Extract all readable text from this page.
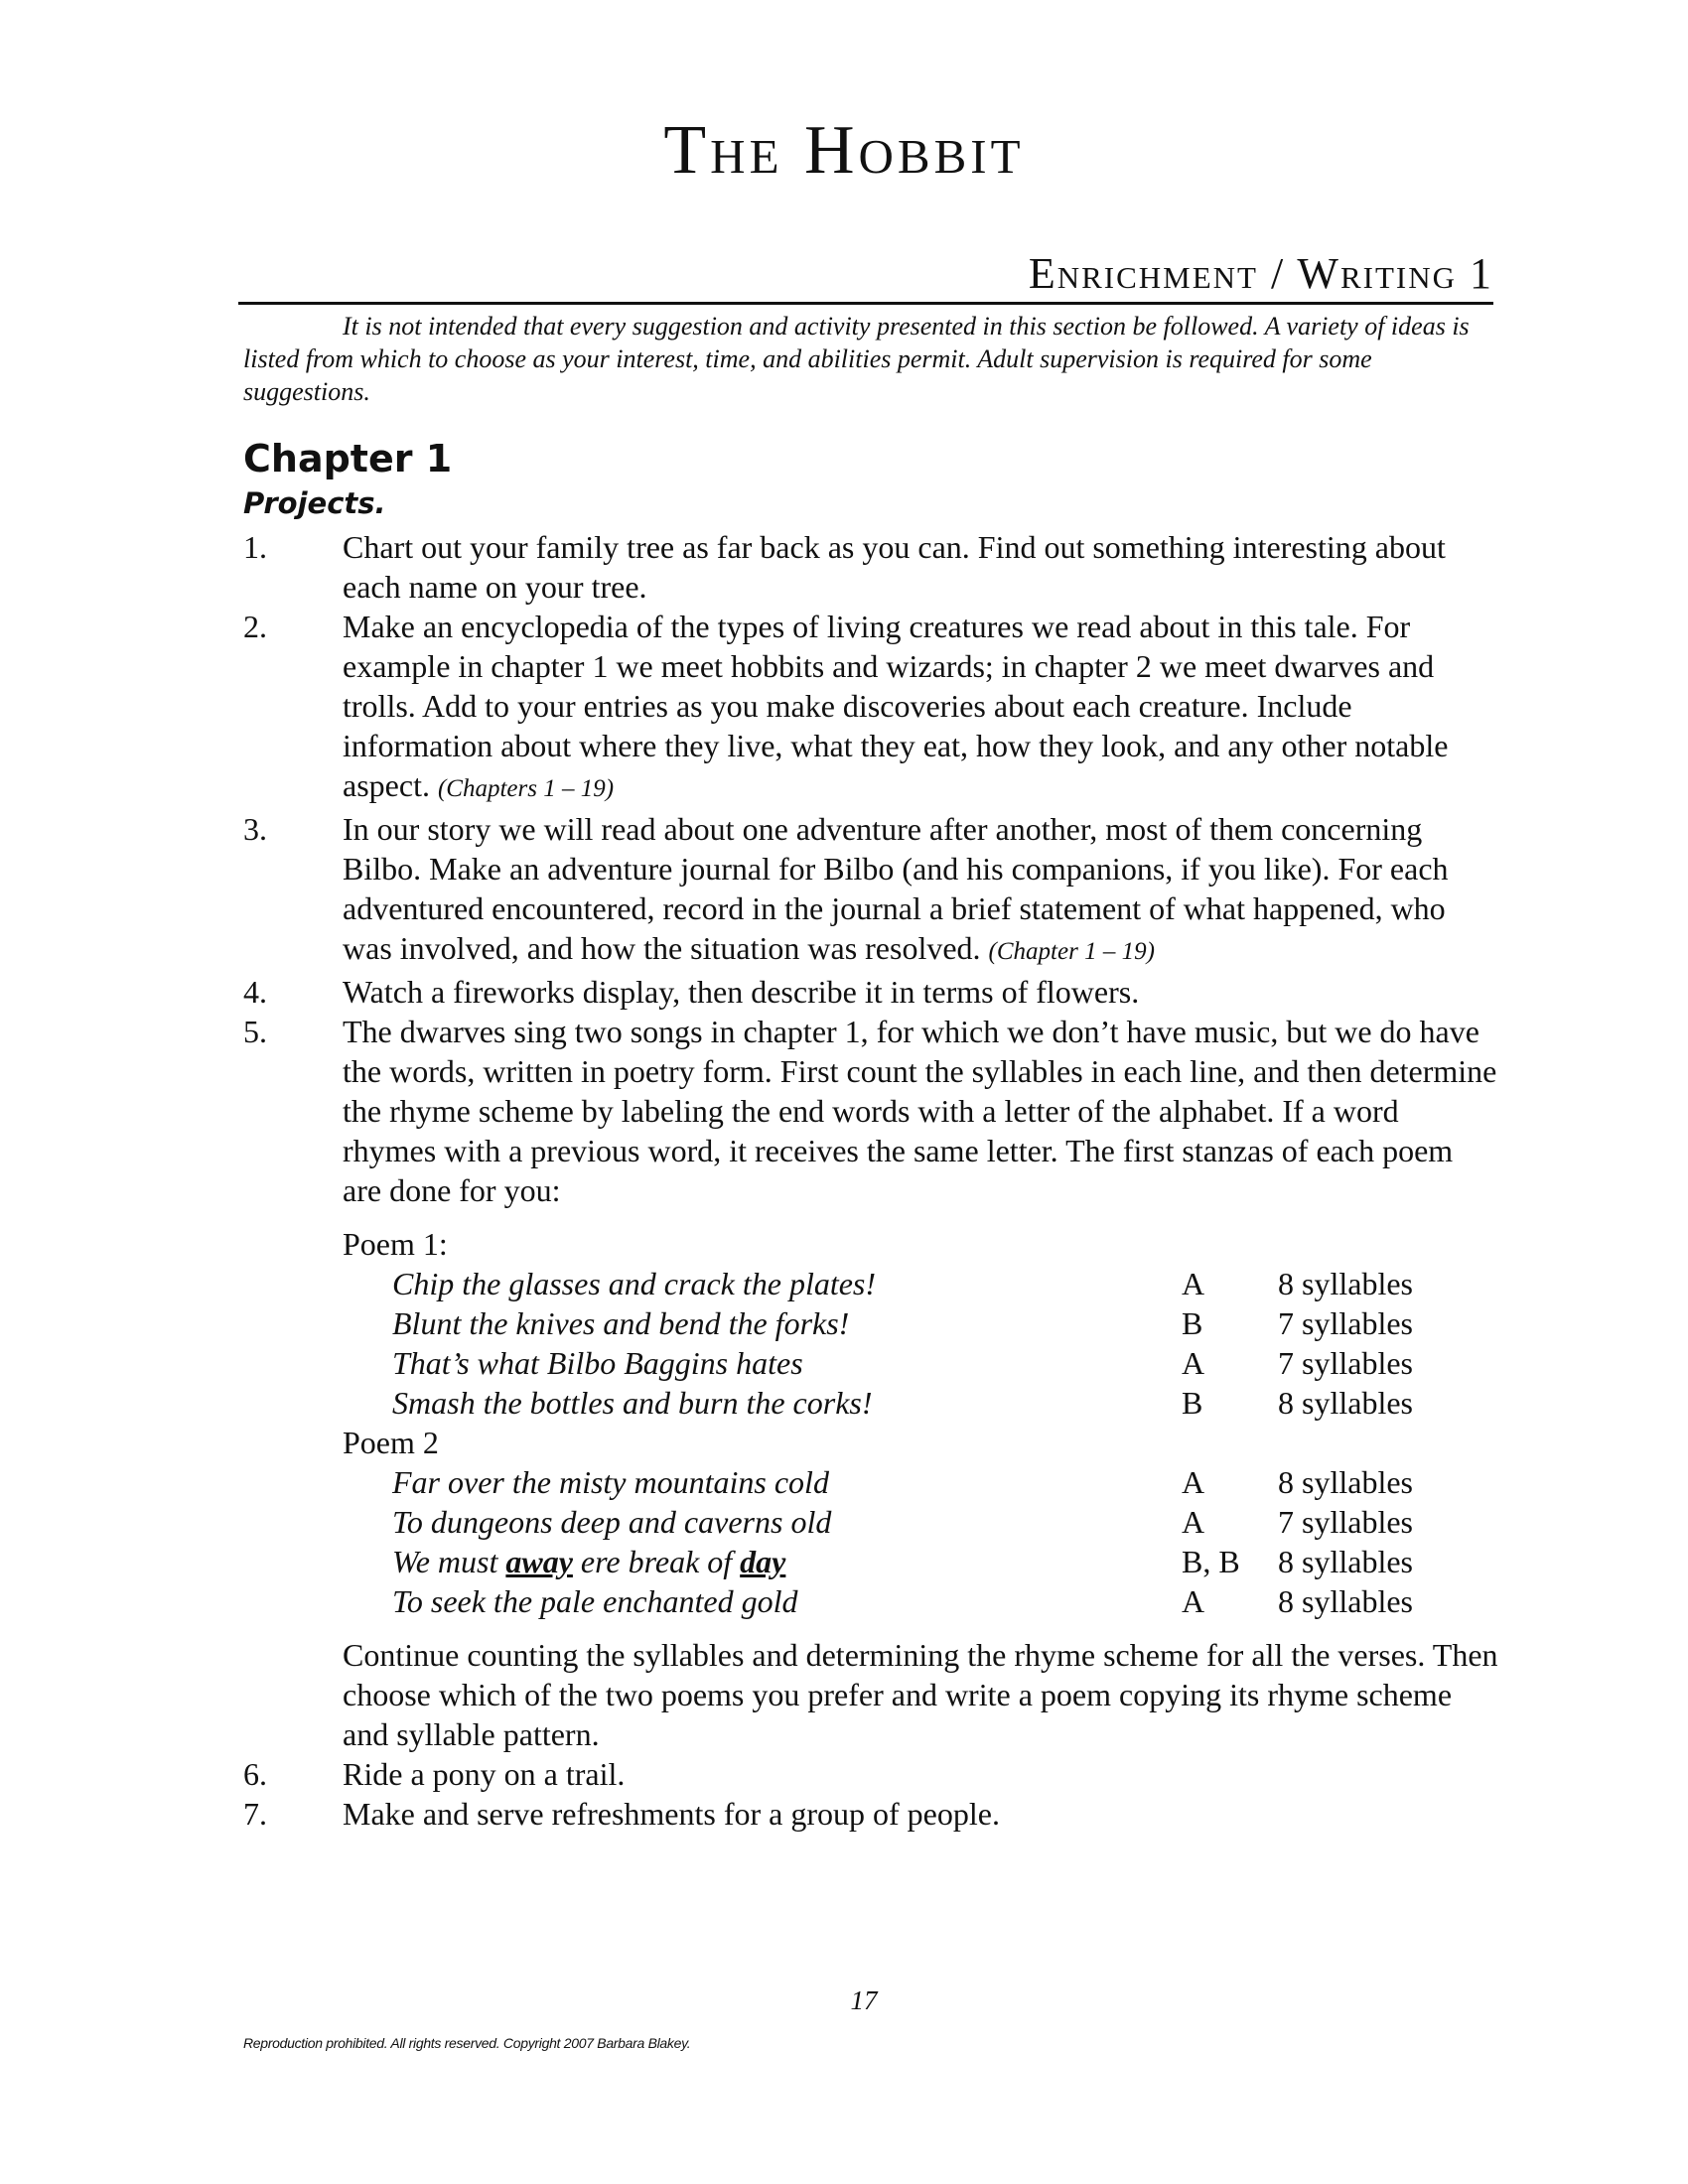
The Hobbit
Enrichment / Writing 1
It is not intended that every suggestion and activity presented in this section be followed. A variety of ideas is listed from which to choose as your interest, time, and abilities permit. Adult supervision is required for some suggestions.
Chapter 1
Projects.
1. Chart out your family tree as far back as you can. Find out something interesting about each name on your tree.
2. Make an encyclopedia of the types of living creatures we read about in this tale. For example in chapter 1 we meet hobbits and wizards; in chapter 2 we meet dwarves and trolls. Add to your entries as you make discoveries about each creature. Include information about where they live, what they eat, how they look, and any other notable aspect. (Chapters 1 – 19)
3. In our story we will read about one adventure after another, most of them concerning Bilbo. Make an adventure journal for Bilbo (and his companions, if you like). For each adventured encountered, record in the journal a brief statement of what happened, who was involved, and how the situation was resolved. (Chapter 1 – 19)
4. Watch a fireworks display, then describe it in terms of flowers.
5. The dwarves sing two songs in chapter 1, for which we don’t have music, but we do have the words, written in poetry form. First count the syllables in each line, and then determine the rhyme scheme by labeling the end words with a letter of the alphabet. If a word rhymes with a previous word, it receives the same letter. The first stanzas of each poem are done for you:
Poem 1:
Chip the glasses and crack the plates!	A 8 syllables
Blunt the knives and bend the forks!	B 7 syllables
That’s what Bilbo Baggins hates	A 7 syllables
Smash the bottles and burn the corks!	B 8 syllables
Poem 2
Far over the misty mountains cold	A 8 syllables
To dungeons deep and caverns old	A 7 syllables
We must away ere break of day	B, B 8 syllables
To seek the pale enchanted gold	A 8 syllables
Continue counting the syllables and determining the rhyme scheme for all the verses. Then choose which of the two poems you prefer and write a poem copying its rhyme scheme and syllable pattern.
6. Ride a pony on a trail.
7. Make and serve refreshments for a group of people.
17
Reproduction prohibited. All rights reserved. Copyright 2007 Barbara Blakey.
